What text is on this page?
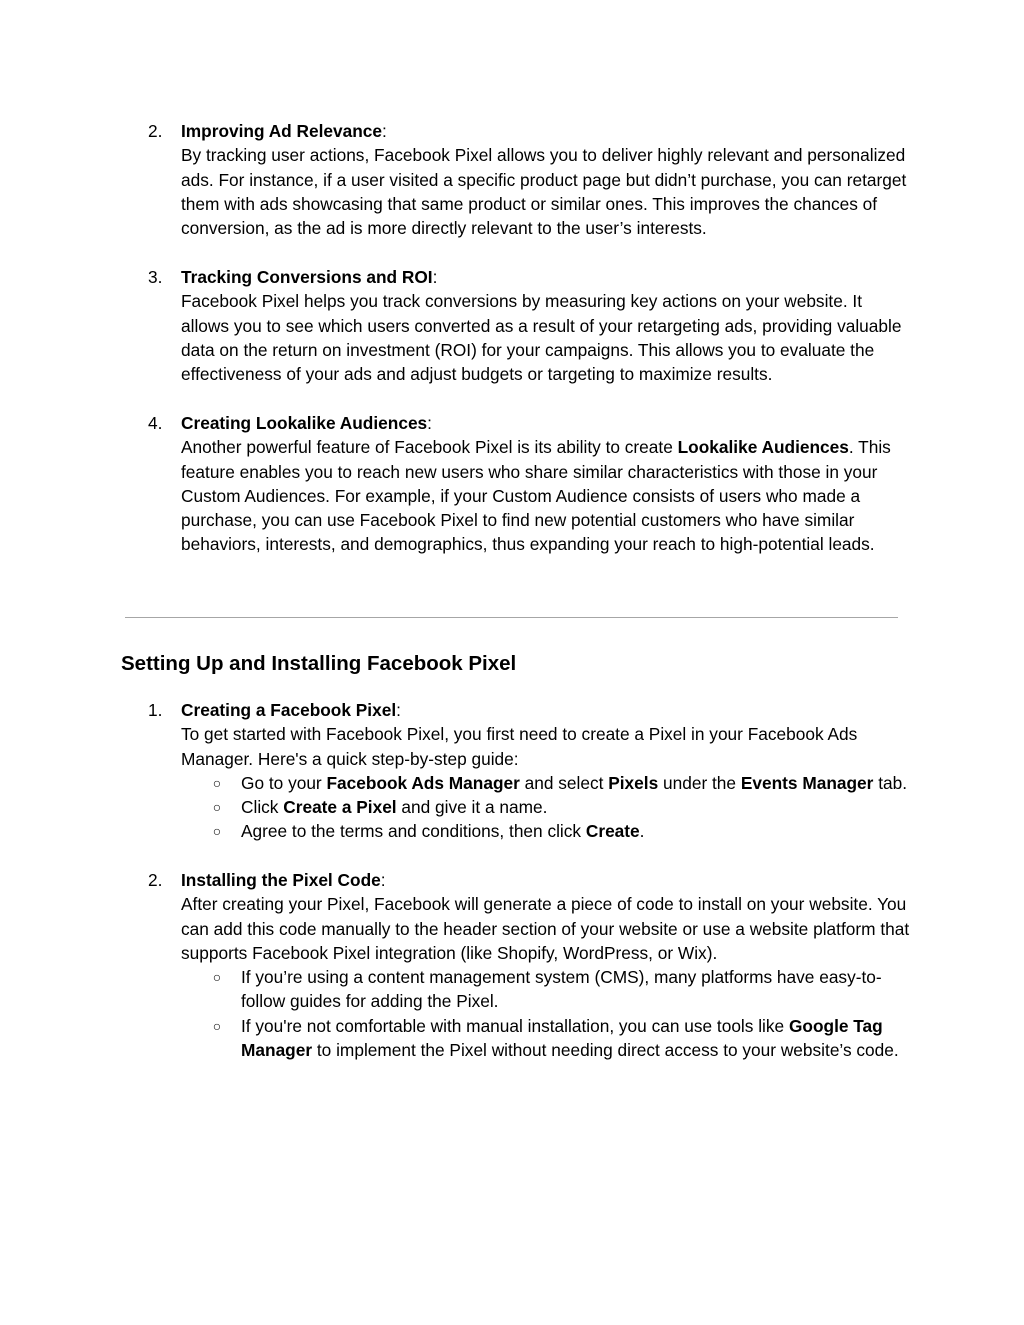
2.	Improving Ad Relevance:

By tracking user actions, Facebook Pixel allows you to deliver highly relevant and personalized ads. For instance, if a user visited a specific product page but didn’t purchase, you can retarget them with ads showcasing that same product or similar ones. This improves the chances of conversion, as the ad is more directly relevant to the user’s interests.

3.	Tracking Conversions and ROI:

Facebook Pixel helps you track conversions by measuring key actions on your website. It allows you to see which users converted as a result of your retargeting ads, providing valuable data on the return on investment (ROI) for your campaigns. This allows you to evaluate the effectiveness of your ads and adjust budgets or targeting to maximize results.

4.	Creating Lookalike Audiences:

Another powerful feature of Facebook Pixel is its ability to create Lookalike Audiences. This feature enables you to reach new users who share similar characteristics with those in your Custom Audiences. For example, if your Custom Audience consists of users who made a purchase, you can use Facebook Pixel to find new potential customers who have similar behaviors, interests, and demographics, thus expanding your reach to high-potential leads.

Setting Up and Installing Facebook Pixel
1.	Creating a Facebook Pixel:

To get started with Facebook Pixel, you first need to create a Pixel in your Facebook Ads Manager. Here's a quick step-by-step guide:

○ Go to your Facebook Ads Manager and select Pixels under the Events Manager tab.
○ Click Create a Pixel and give it a name.
○ Agree to the terms and conditions, then click Create.
2.	Installing the Pixel Code:

After creating your Pixel, Facebook will generate a piece of code to install on your website. You can add this code manually to the header section of your website or use a website platform that supports Facebook Pixel integration (like Shopify, WordPress, or Wix).

○ If you’re using a content management system (CMS), many platforms have easy-to-follow guides for adding the Pixel.
○ If you're not comfortable with manual installation, you can use tools like Google Tag Manager to implement the Pixel without needing direct access to your website’s code.
